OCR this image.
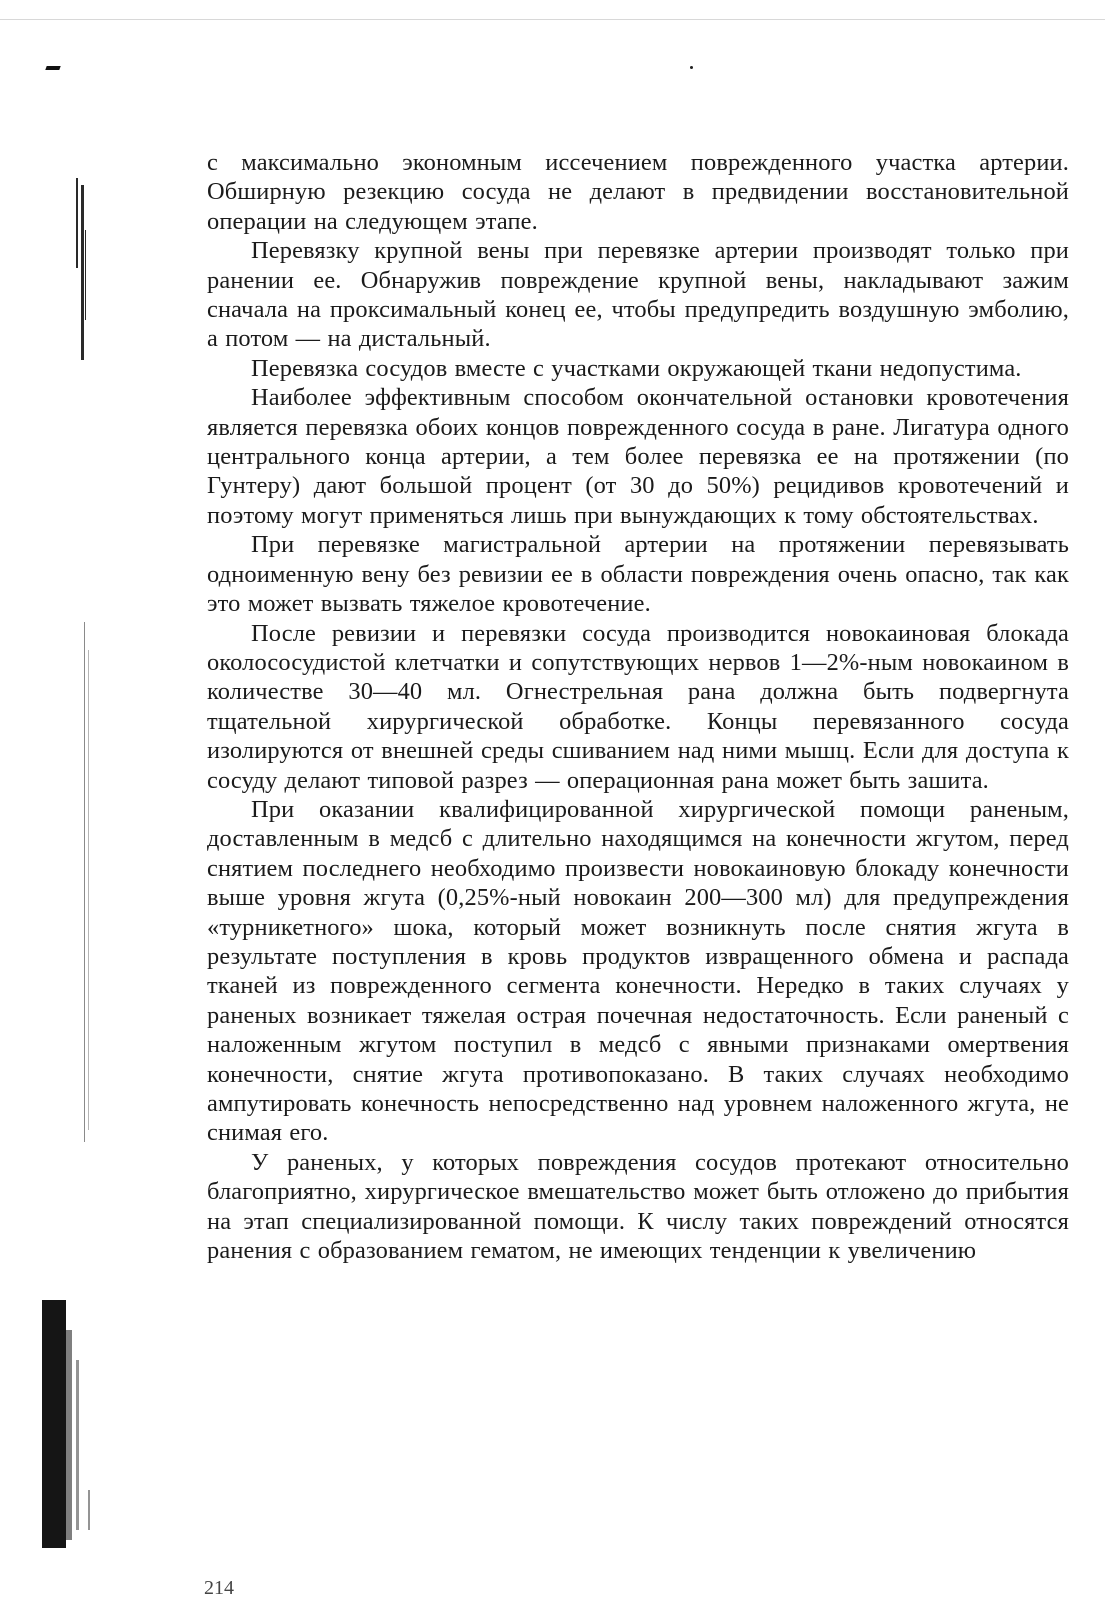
с максимально экономным иссечением поврежденного участка артерии. Обширную резекцию сосуда не делают в предвидении восстановительной операции на следующем этапе.

Перевязку крупной вены при перевязке артерии производят только при ранении ее. Обнаружив повреждение крупной вены, накладывают зажим сначала на проксимальный конец ее, чтобы предупредить воздушную эмболию, а потом — на дистальный.

Перевязка сосудов вместе с участками окружающей ткани недопустима.

Наиболее эффективным способом окончательной остановки кровотечения является перевязка обоих концов поврежденного сосуда в ране. Лигатура одного центрального конца артерии, а тем более перевязка ее на протяжении (по Гунтеру) дают большой процент (от 30 до 50%) рецидивов кровотечений и поэтому могут применяться лишь при вынуждающих к тому обстоятельствах.

При перевязке магистральной артерии на протяжении перевязывать одноименную вену без ревизии ее в области повреждения очень опасно, так как это может вызвать тяжелое кровотечение.

После ревизии и перевязки сосуда производится новокаиновая блокада околососудистой клетчатки и сопутствующих нервов 1—2%-ным новокаином в количестве 30—40 мл. Огнестрельная рана должна быть подвергнута тщательной хирургической обработке. Концы перевязанного сосуда изолируются от внешней среды сшиванием над ними мышц. Если для доступа к сосуду делают типовой разрез — операционная рана может быть зашита.

При оказании квалифицированной хирургической помощи раненым, доставленным в медсб с длительно находящимся на конечности жгутом, перед снятием последнего необходимо произвести новокаиновую блокаду конечности выше уровня жгута (0,25%-ный новокаин 200—300 мл) для предупреждения «турникетного» шока, который может возникнуть после снятия жгута в результате поступления в кровь продуктов извращенного обмена и распада тканей из поврежденного сегмента конечности. Нередко в таких случаях у раненых возникает тяжелая острая почечная недостаточность. Если раненый с наложенным жгутом поступил в медсб с явными признаками омертвения конечности, снятие жгута противопоказано. В таких случаях необходимо ампутировать конечность непосредственно над уровнем наложенного жгута, не снимая его.

У раненых, у которых повреждения сосудов протекают относительно благоприятно, хирургическое вмешательство может быть отложено до прибытия на этап специализированной помощи. К числу таких повреждений относятся ранения с образованием гематом, не имеющих тенденции к увеличению

214
